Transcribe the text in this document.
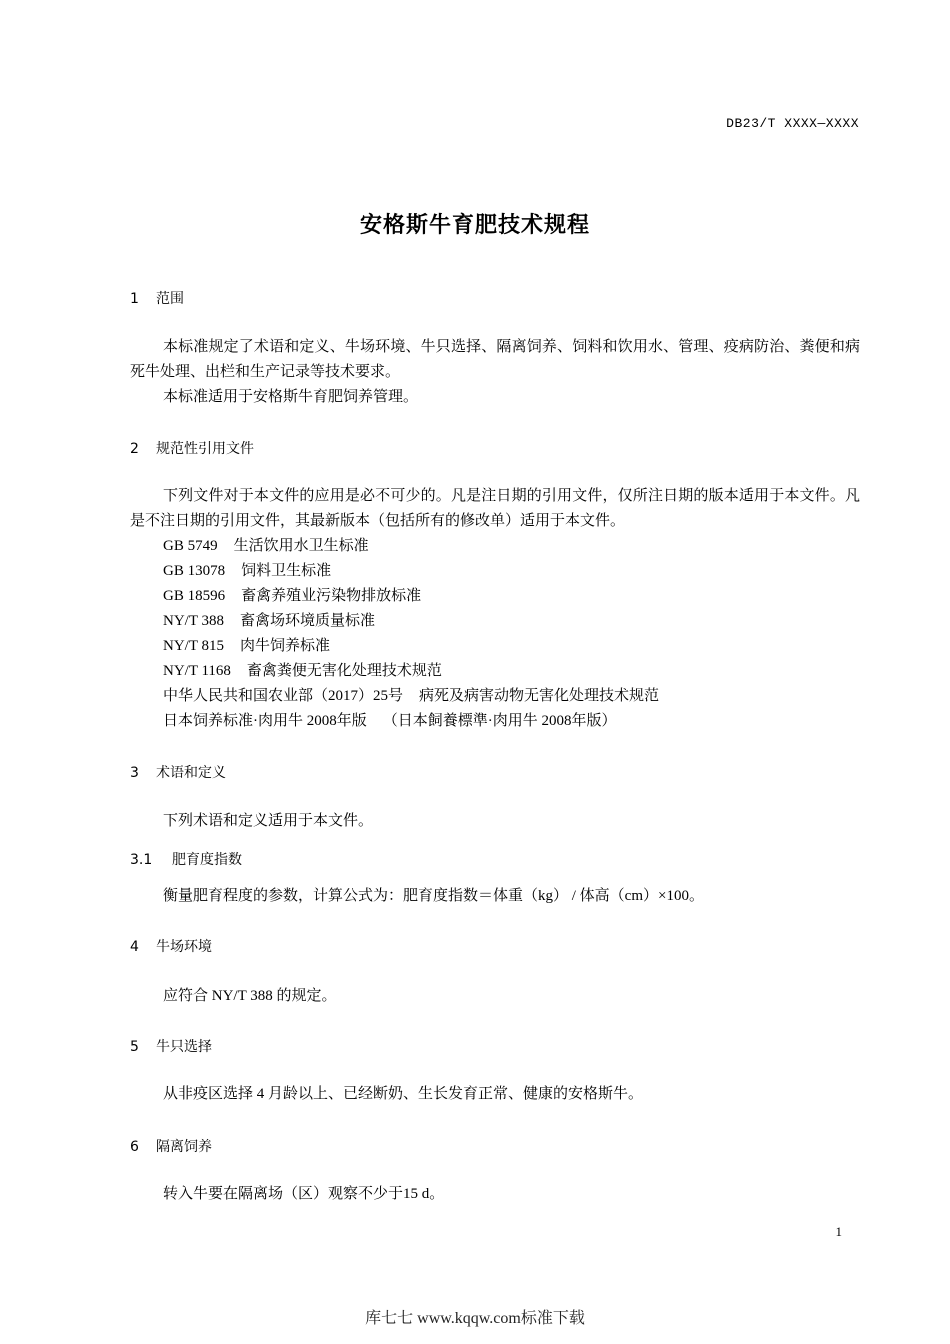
DB23/T XXXX—XXXX
安格斯牛育肥技术规程
1 范围
本标准规定了术语和定义、牛场环境、牛只选择、隔离饲养、饲料和饮用水、管理、疫病防治、粪便和病死牛处理、出栏和生产记录等技术要求。
本标准适用于安格斯牛育肥饲养管理。
2 规范性引用文件
下列文件对于本文件的应用是必不可少的。凡是注日期的引用文件，仅所注日期的版本适用于本文件。凡是不注日期的引用文件，其最新版本（包括所有的修改单）适用于本文件。
GB 5749 生活饮用水卫生标准
GB 13078 饲料卫生标准
GB 18596 畜禽养殖业污染物排放标准
NY/T 388 畜禽场环境质量标准
NY/T 815 肉牛饲养标准
NY/T 1168 畜禽粪便无害化处理技术规范
中华人民共和国农业部（2017）25号 病死及病害动物无害化处理技术规范
日本饲养标准·肉用牛 2008年版 （日本飼養標準·肉用牛 2008年版）
3 术语和定义
下列术语和定义适用于本文件。
3.1 肥育度指数
衡量肥育程度的参数，计算公式为：肥育度指数＝体重（kg） / 体高（cm）×100。
4 牛场环境
应符合 NY/T 388 的规定。
5 牛只选择
从非疫区选择 4 月龄以上、已经断奶、生长发育正常、健康的安格斯牛。
6 隔离饲养
转入牛要在隔离场（区）观察不少于15 d。
1
库七七 www.kqqw.com标准下载
